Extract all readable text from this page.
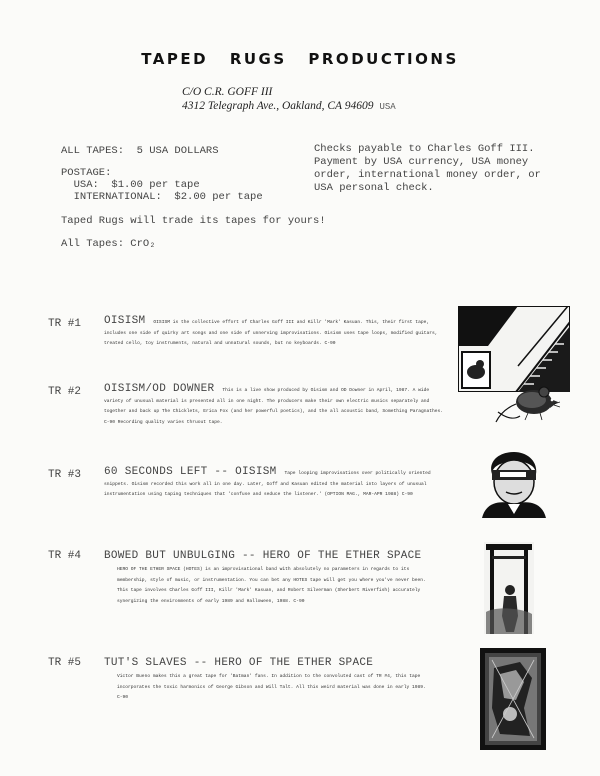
TAPED RUGS PRODUCTIONS
C/O C.R. GOFF III
4312 Telegraph Ave., Oakland, CA 94609 USA
ALL TAPES:  5 USA DOLLARS
POSTAGE:
USA:  $1.00 per tape
INTERNATIONAL:  $2.00 per tape
Checks payable to Charles Goff III.
Payment by USA currency, USA money
order, international money order, or
USA personal check.
Taped Rugs will trade its tapes for yours!
All Tapes: CrO₂
TR #1 OISISM OISISM is the collective effort of Charles Goff III and Killr 'Mark' Kasuan. This, their first tape, includes one side of quirky art songs and one side of unnerving improvisations. Oisism uses tape loops, modified guitars, treated cello, toy instruments, natural and unnatural sounds, but no keyboards. C-90
TR #2 OISISM/OD DOWNER This is a live show produced by Oisism and OD Downer in April, 1987. A wide variety of unusual material is presented all in one night. The producers make their own electric musics separately and together and back up The Chicklets, Erica Fox (and her powerful poetics), and the all acoustic band, Something Paragnathes. C-90 Recording quality varies thruout tape.
TR #3 60 SECONDS LEFT -- OISISM Tape looping improvisations over politically oriented snippets. Oisism recorded this work all in one day. Later, Goff and Kasuan edited the material into layers of unusual instrumentation using taping techniques that 'confuse and seduce the listener.' (OPTION MAG., MAR-APR 1988) C-90
TR #4 BOWED BUT UNBULGING -- HERO OF THE ETHER SPACE
HERO OF THE ETHER SPACE (HOTES) is an improvisational band with absolutely no parameters in regards to its membership, style of music, or instrumentation. You can bet any HOTES tape will get you where you've never been. This tape involves Charles Goff III, Killr 'Mark' Kasuan, and Robert Silverman (Sherbert Riverfish) accurately synergizing the environments of early 1989 and Halloween, 1988. C-90
TR #5 TUT'S SLAVES -- HERO OF THE ETHER SPACE
Victor Bueno makes this a great tape for 'Batman' fans. In addition to the convoluted cast of TR #4, this tape incorporates the toxic harmonics of George Gibson and Will Talt. All this weird material was done in early 1989. C-90
